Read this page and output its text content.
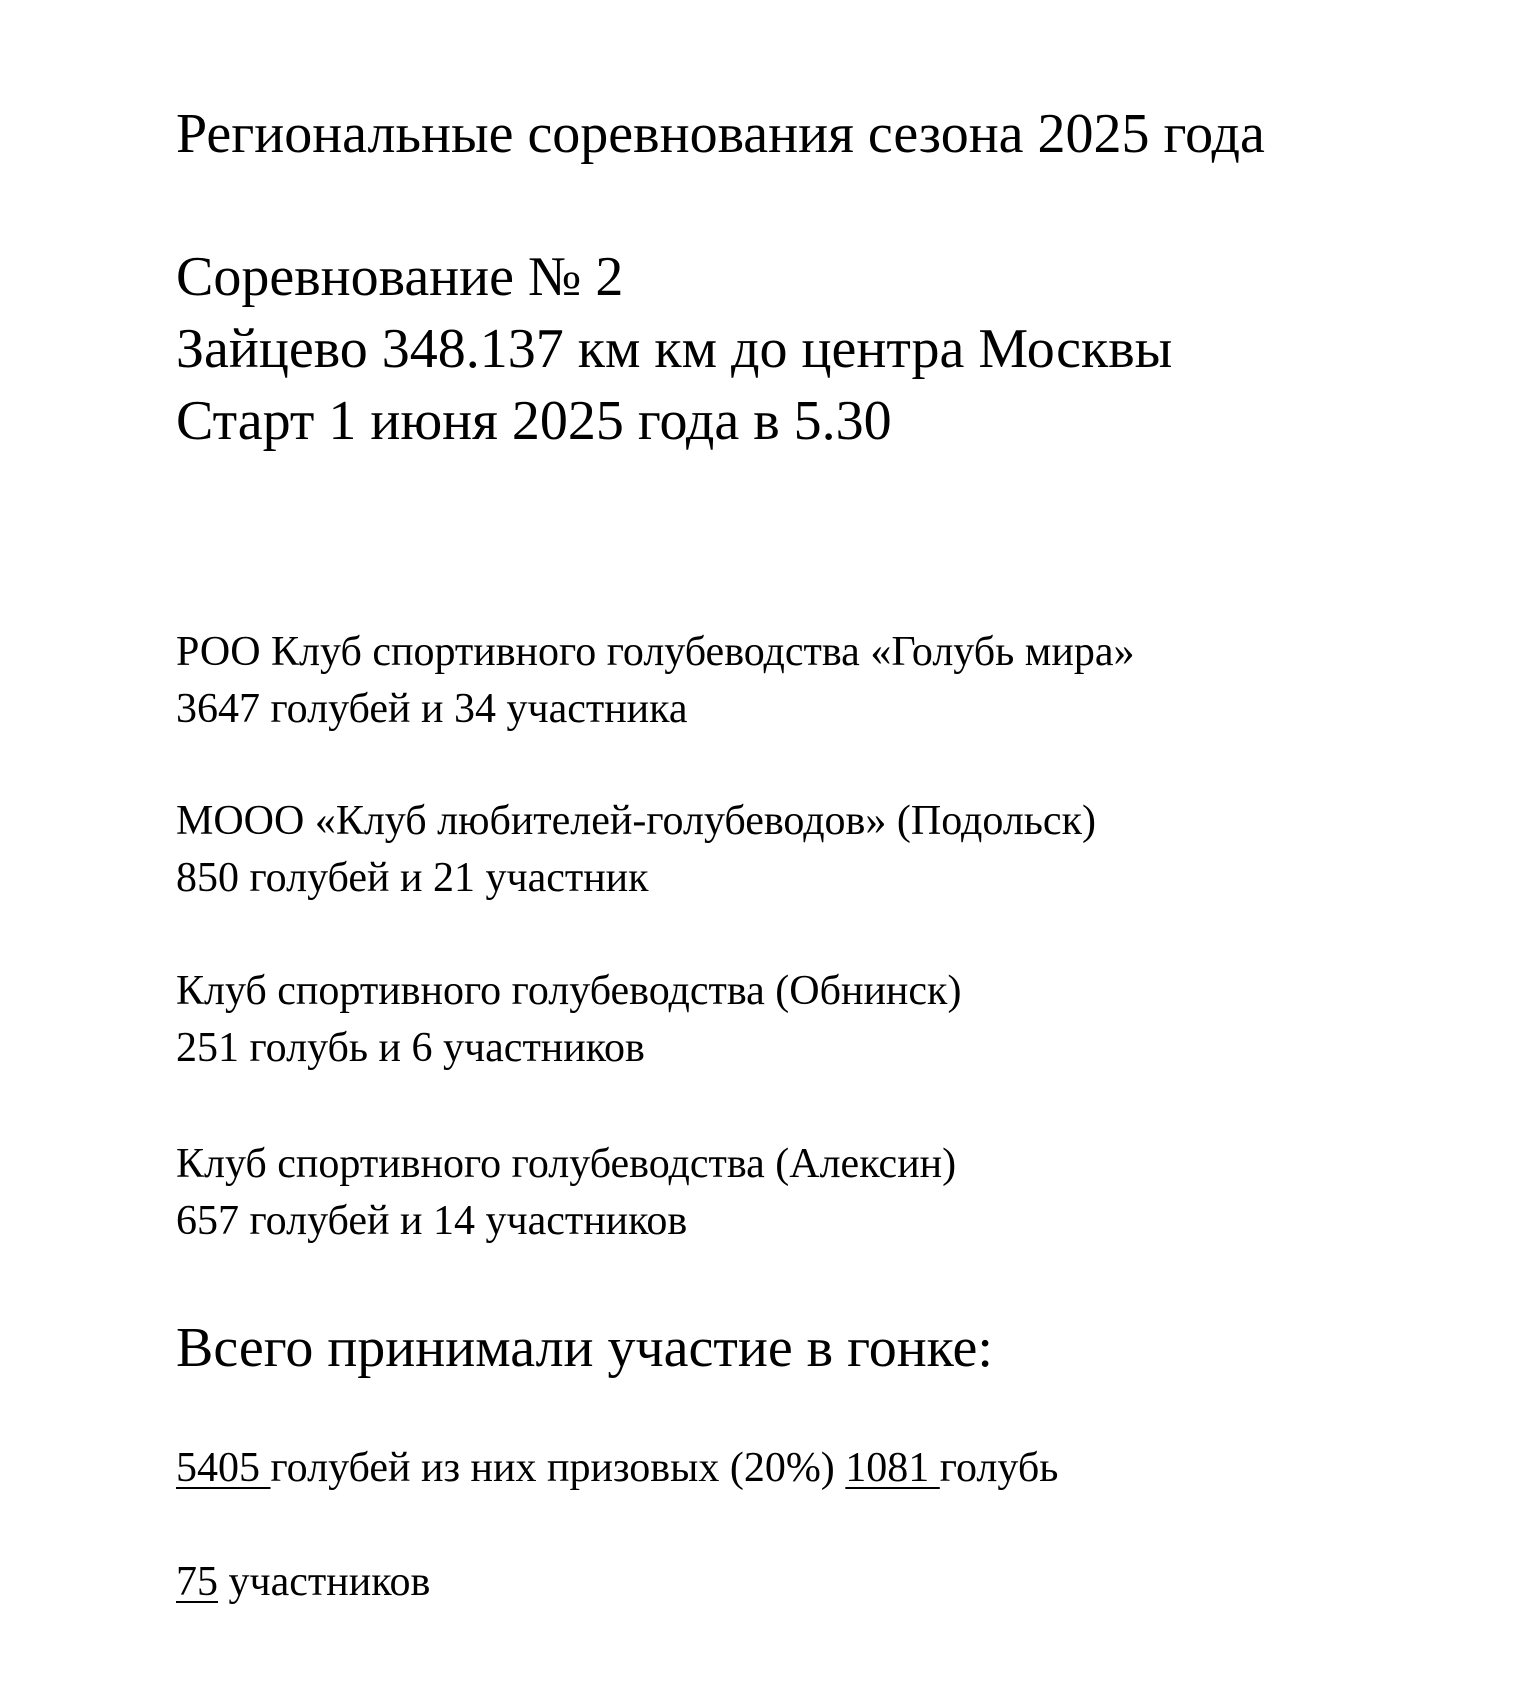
Региональные соревнования сезона 2025 года
Соревнование № 2
Зайцево 348.137 км км до центра Москвы
Старт 1 июня 2025 года в 5.30
РОО Клуб спортивного голубеводства «Голубь мира»
3647 голубей и 34 участника
МООО «Клуб любителей-голубеводов» (Подольск)
850 голубей и 21 участник
Клуб спортивного голубеводства (Обнинск)
251 голубь и 6 участников
Клуб спортивного голубеводства (Алексин)
657 голубей и 14 участников
Всего принимали участие в гонке:
5405 голубей из них призовых (20%) 1081 голубь
75 участников
